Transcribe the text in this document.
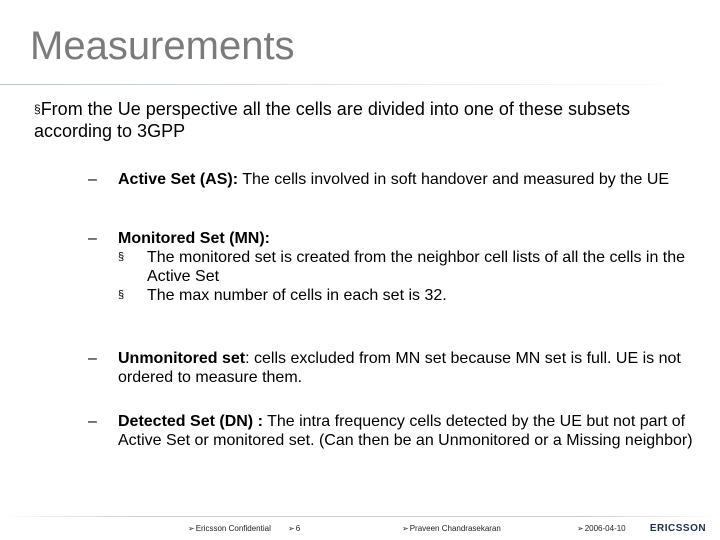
Measurements
§From the Ue perspective all the cells are divided into one of these subsets according to 3GPP
–	Active Set (AS): The cells involved in soft handover and measured by the UE
–	Monitored Set (MN):
§ The monitored set is created from the neighbor cell lists of all the cells in the Active Set
§ The max number of cells in each set is 32.
–	Unmonitored set: cells excluded from MN set because MN set is full. UE is not ordered to measure them.
–	Detected Set (DN) : The intra frequency cells detected by the UE but not part of Active Set or monitored set. (Can then be an Unmonitored or a Missing neighbor)
➢Ericsson Confidential ➢6	➢Praveen Chandrasekaran	➢2006-04-10 ERICSSON
